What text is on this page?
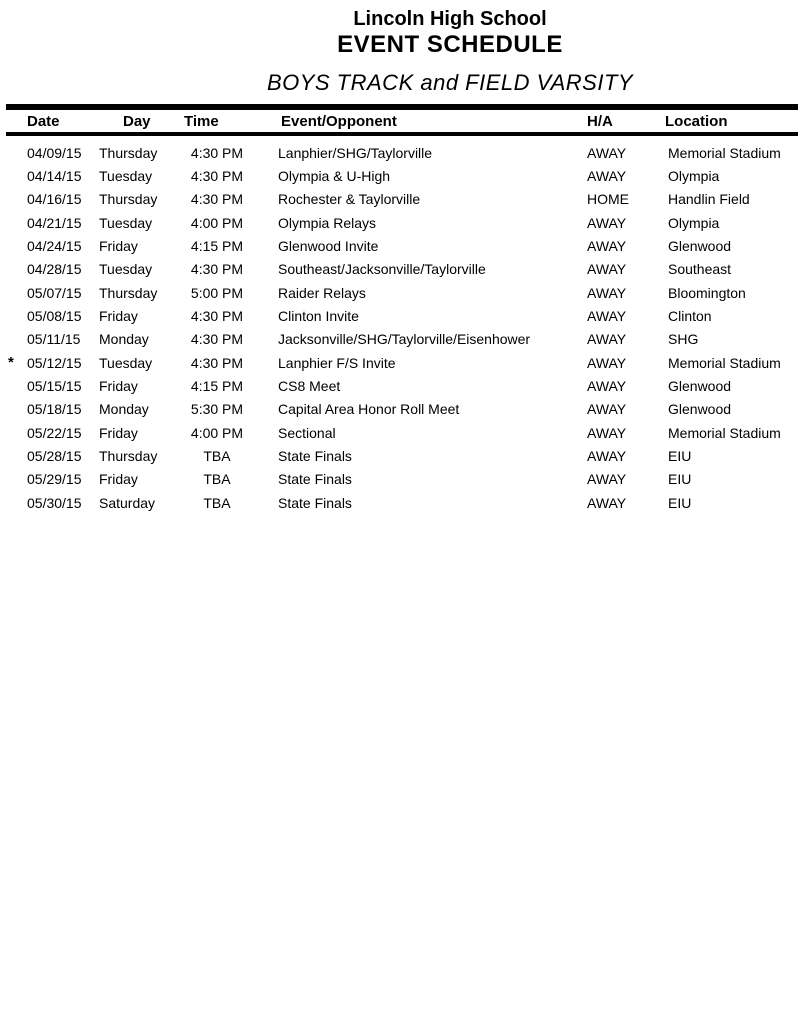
Lincoln High School
EVENT SCHEDULE
BOYS TRACK and FIELD VARSITY
Date	Day	Time	Event/Opponent	H/A	Location
04/09/15	Thursday	4:30 PM	Lanphier/SHG/Taylorville	AWAY	Memorial Stadium
04/14/15	Tuesday	4:30 PM	Olympia & U-High	AWAY	Olympia
04/16/15	Thursday	4:30 PM	Rochester & Taylorville	HOME	Handlin Field
04/21/15	Tuesday	4:00 PM	Olympia Relays	AWAY	Olympia
04/24/15	Friday	4:15 PM	Glenwood Invite	AWAY	Glenwood
04/28/15	Tuesday	4:30 PM	Southeast/Jacksonville/Taylorville	AWAY	Southeast
05/07/15	Thursday	5:00 PM	Raider Relays	AWAY	Bloomington
05/08/15	Friday	4:30 PM	Clinton Invite	AWAY	Clinton
05/11/15	Monday	4:30 PM	Jacksonville/SHG/Taylorville/Eisenhower	AWAY	SHG
* 05/12/15	Tuesday	4:30 PM	Lanphier F/S Invite	AWAY	Memorial Stadium
05/15/15	Friday	4:15 PM	CS8 Meet	AWAY	Glenwood
05/18/15	Monday	5:30 PM	Capital Area Honor Roll Meet	AWAY	Glenwood
05/22/15	Friday	4:00 PM	Sectional	AWAY	Memorial Stadium
05/28/15	Thursday	TBA	State Finals	AWAY	EIU
05/29/15	Friday	TBA	State Finals	AWAY	EIU
05/30/15	Saturday	TBA	State Finals	AWAY	EIU
